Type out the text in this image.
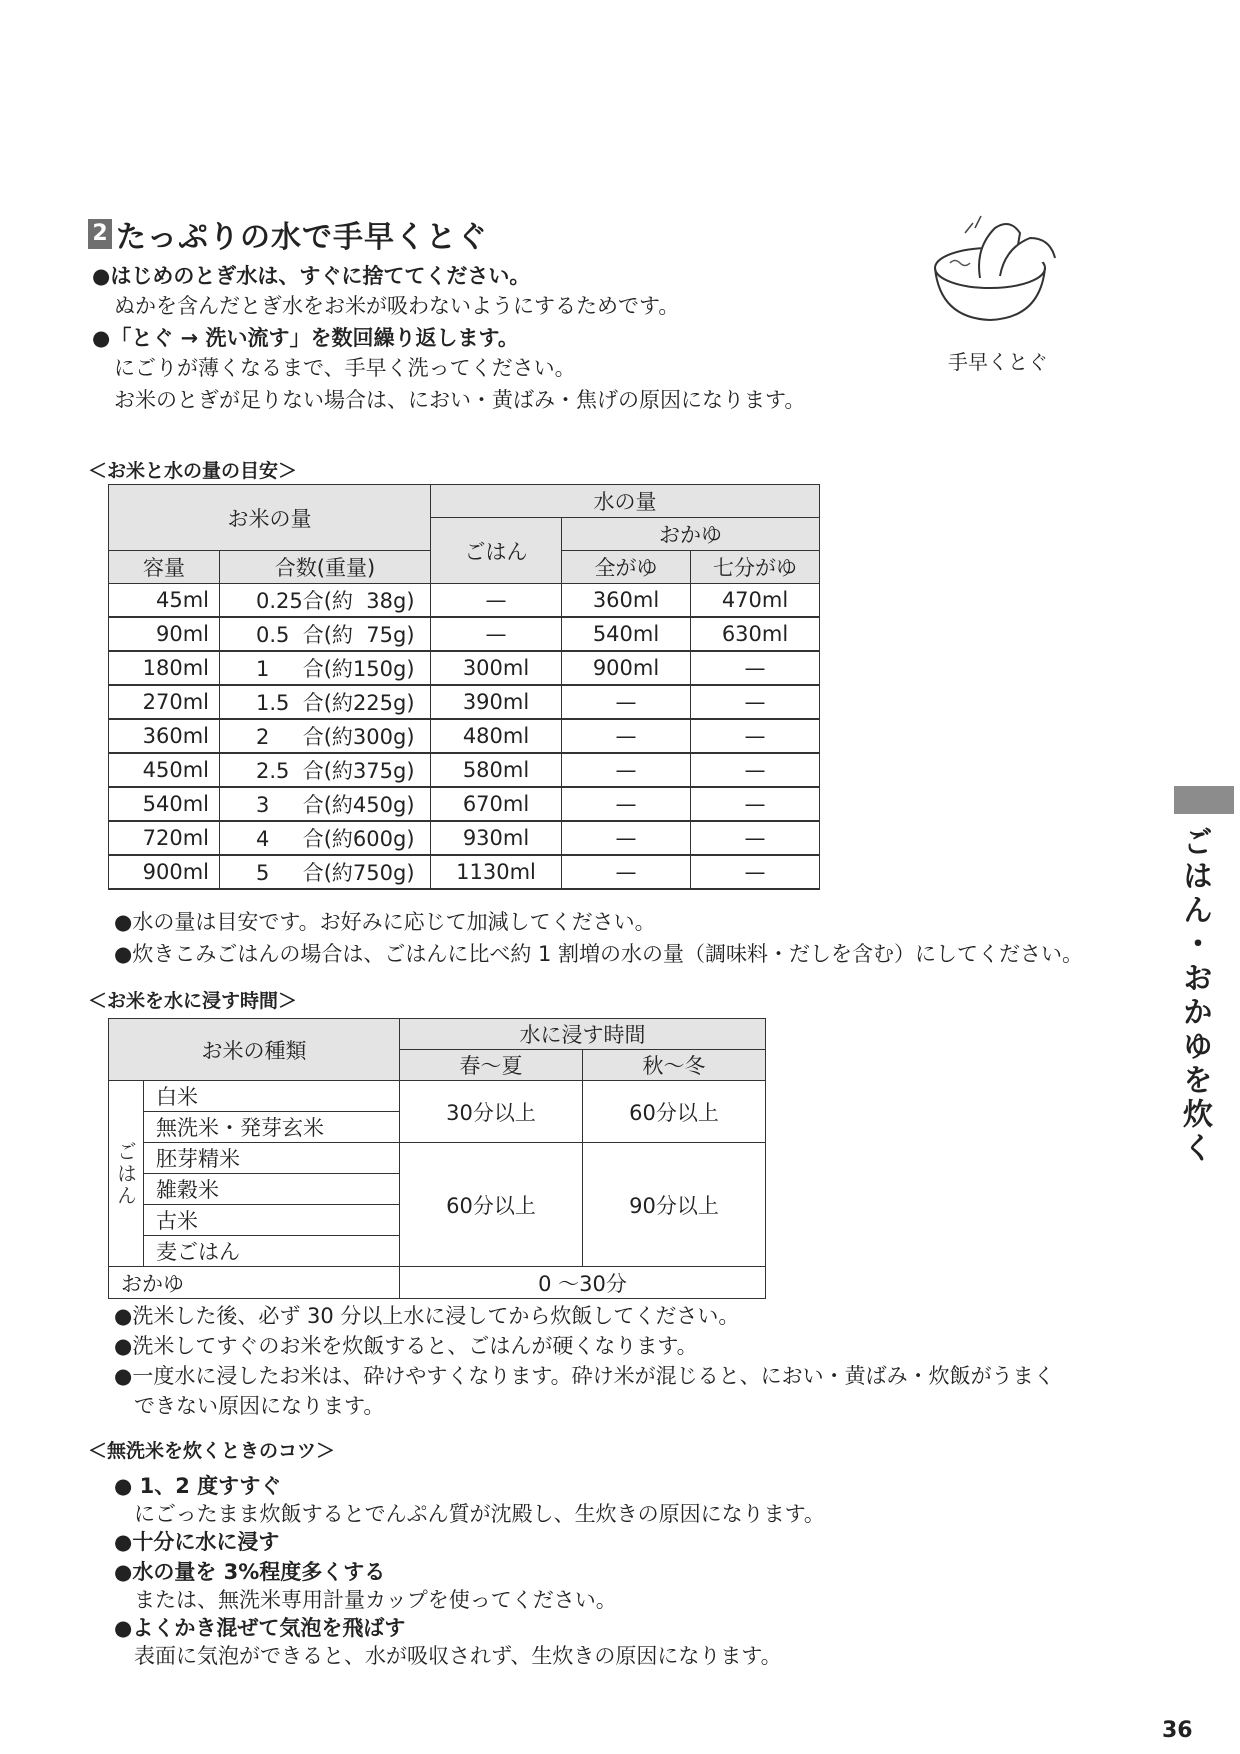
2 たっぷりの水で手早くとぐ
●はじめのとぎ水は、すぐに捨ててください。
ぬかを含んだとぎ水をお米が吸わないようにするためです。
●「とぐ → 洗い流す」を数回繰り返します。
にごりが薄くなるまで、手早く洗ってください。
お米のとぎが足りない場合は、におい・黄ばみ・焦げの原因になります。
手早くとぐ
＜お米と水の量の目安＞
お米の量		水の量		
		ごはん	おかゆ	
容量	合数(重量)		全がゆ	七分がゆ
45ml	0.25合(約  38g)	—	360ml	470ml
90ml	0.5  合(約  75g)	—	540ml	630ml
180ml	1     合(約150g)	300ml	900ml	—
270ml	1.5  合(約225g)	390ml	—	—
360ml	2     合(約300g)	480ml	—	—
450ml	2.5  合(約375g)	580ml	—	—
540ml	3     合(約450g)	670ml	—	—
720ml	4     合(約600g)	930ml	—	—
900ml	5     合(約750g)	1130ml	—	—
●水の量は目安です。お好みに応じて加減してください。
●炊きこみごはんの場合は、ごはんに比べ約 1 割増の水の量（調味料・だしを含む）にしてください。
＜お米を水に浸す時間＞
お米の種類		水に浸す時間	
		春～夏	秋～冬
ごはん	白米	30分以上	60分以上
	無洗米・発芽玄米		
	胚芽精米	60分以上	90分以上
	雑穀米		
	古米		
	麦ごはん		
おかゆ		0 ～30分	
●洗米した後、必ず 30 分以上水に浸してから炊飯してください。
●洗米してすぐのお米を炊飯すると、ごはんが硬くなります。
●一度水に浸したお米は、砕けやすくなります。砕け米が混じると、におい・黄ばみ・炊飯がうまく
できない原因になります。
＜無洗米を炊くときのコツ＞
● 1、2 度すすぐ
にごったまま炊飯するとでんぷん質が沈殿し、生炊きの原因になります。
●十分に水に浸す
●水の量を 3%程度多くする
または、無洗米専用計量カップを使ってください。
●よくかき混ぜて気泡を飛ばす
表面に気泡ができると、水が吸収されず、生炊きの原因になります。
ごはん・おかゆを炊く
36
